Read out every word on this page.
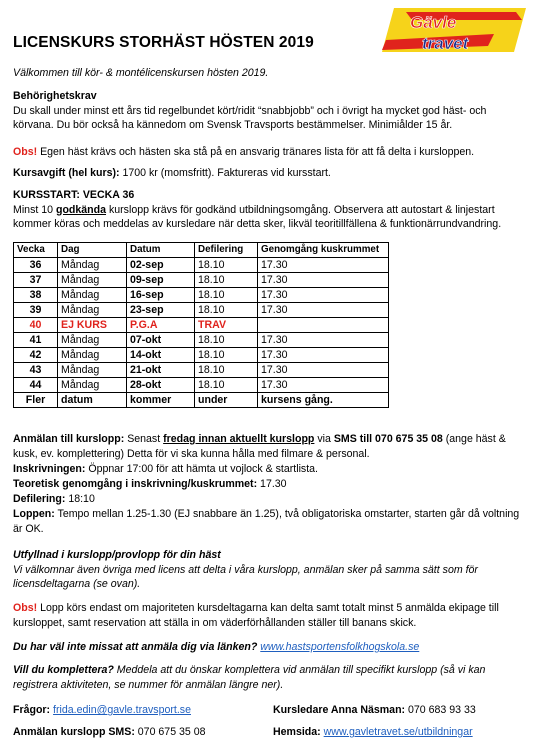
LICENSKURS STORHÄST HÖSTEN 2019
Gävle
travet
Välkommen till kör- & montélicenskursen hösten 2019.
Behörighetskrav
Du skall under minst ett års tid regelbundet kört/ridit “snabbjobb” och i övrigt ha mycket god häst- och körvana. Du bör också ha kännedom om Svensk Travsports bestämmelser. Minimiålder 15 år.
Obs! Egen häst krävs och hästen ska stå på en ansvarig tränares lista för att få delta i kursloppen.
Kursavgift (hel kurs): 1700 kr (momsfritt). Faktureras vid kursstart.
KURSSTART: VECKA 36
Minst 10 godkända kurslopp krävs för godkänd utbildningsomgång. Observera att autostart & linjestart kommer köras och meddelas av kursledare när detta sker, likväl teoritillfällena & funktionärrundvandring.
Vecka	Dag	Datum	Defilering	Genomgång kuskrummet
36	Måndag	02-sep	18.10	17.30
37	Måndag	09-sep	18.10	17.30
38	Måndag	16-sep	18.10	17.30
39	Måndag	23-sep	18.10	17.30
40	EJ KURS	P.G.A	TRAV	
41	Måndag	07-okt	18.10	17.30
42	Måndag	14-okt	18.10	17.30
43	Måndag	21-okt	18.10	17.30
44	Måndag	28-okt	18.10	17.30
Fler	datum	kommer	under	kursens gång.
Anmälan till kurslopp: Senast fredag innan aktuellt kurslopp via SMS till 070 675 35 08 (ange häst & kusk, ev. komplettering) Detta för vi ska kunna hålla med filmare & personal.
Inskrivningen: Öppnar 17:00 för att hämta ut vojlock & startlista.
Teoretisk genomgång i inskrivning/kuskrummet: 17.30
Defilering: 18:10
Loppen: Tempo mellan 1.25-1.30 (EJ snabbare än 1.25), två obligatoriska omstarter, starten går då voltning är OK.
Utfyllnad i kurslopp/provlopp för din häst
Vi välkomnar även övriga med licens att delta i våra kurslopp, anmälan sker på samma sätt som för licensdeltagarna (se ovan).
Obs! Lopp körs endast om majoriteten kursdeltagarna kan delta samt totalt minst 5 anmälda ekipage till kursloppet, samt reservation att ställa in om väderförhållanden ställer till banans skick.
Du har väl inte missat att anmäla dig via länken? www.hastsportensfolkhogskola.se
Vill du komplettera? Meddela att du önskar komplettera vid anmälan till specifikt kurslopp (så vi kan registrera aktiviteten, se nummer för anmälan längre ner).
Frågor: frida.edin@gavle.travsport.se
Anmälan kurslopp SMS: 070 675 35 08
Kursledare Anna Näsman: 070 683 93 33
Hemsida: www.gavletravet.se/utbildningar
